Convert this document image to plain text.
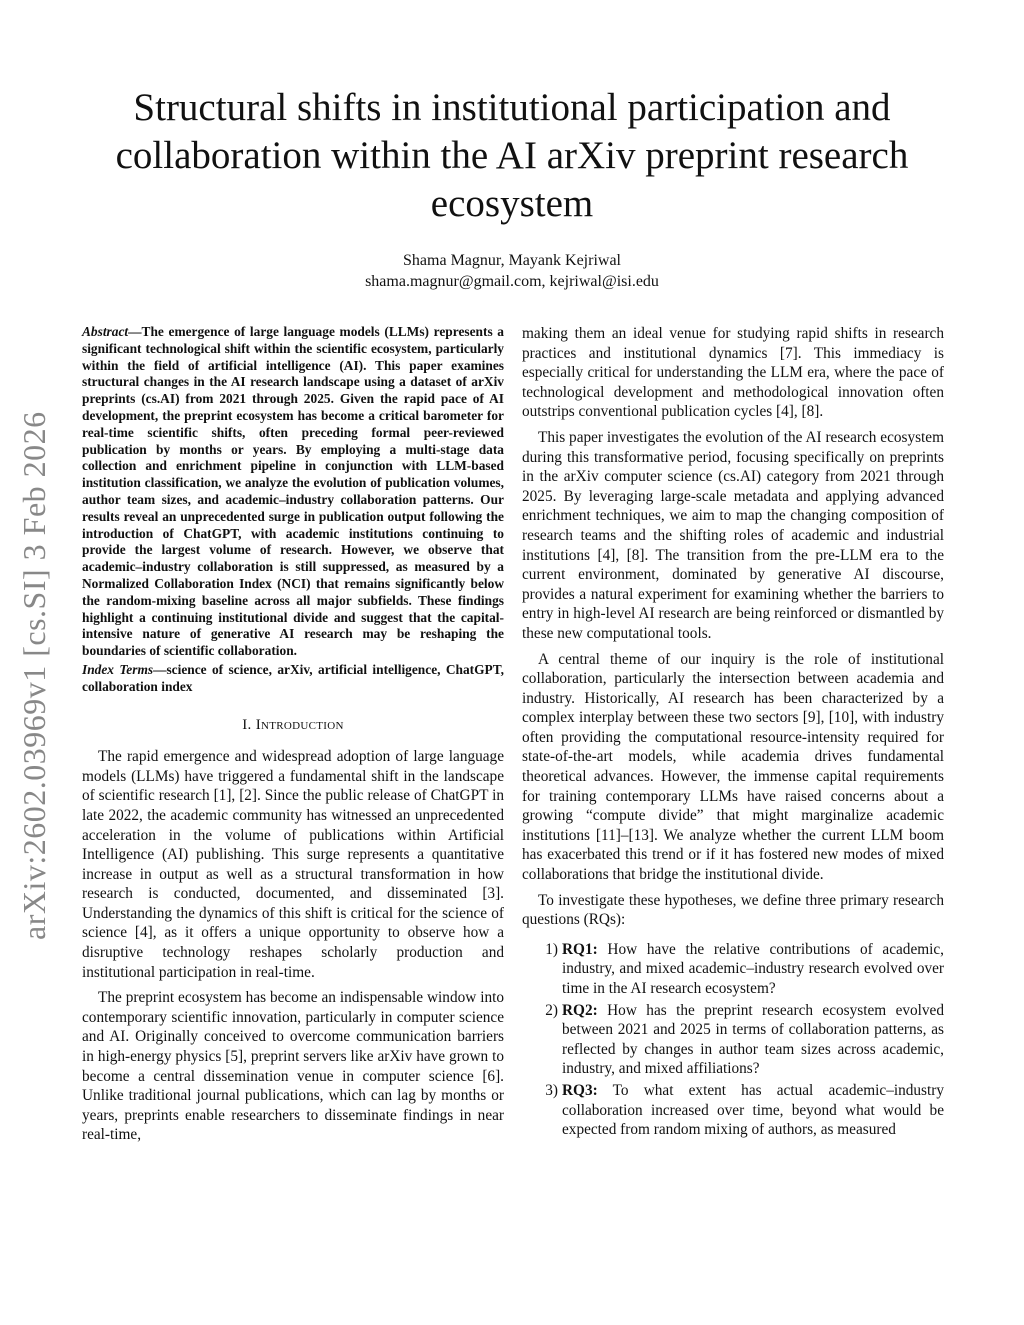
arXiv:2602.03969v1 [cs.SI] 3 Feb 2026
Structural shifts in institutional participation and collaboration within the AI arXiv preprint research ecosystem
Shama Magnur, Mayank Kejriwal
shama.magnur@gmail.com, kejriwal@isi.edu

Abstract—The emergence of large language models (LLMs) represents a significant technological shift within the scientific ecosystem, particularly within the field of artificial intelligence (AI). This paper examines structural changes in the AI research landscape using a dataset of arXiv preprints (cs.AI) from 2021 through 2025. Given the rapid pace of AI development, the preprint ecosystem has become a critical barometer for real-time scientific shifts, often preceding formal peer-reviewed publication by months or years. By employing a multi-stage data collection and enrichment pipeline in conjunction with LLM-based institution classification, we analyze the evolution of publication volumes, author team sizes, and academic–industry collaboration patterns. Our results reveal an unprecedented surge in publication output following the introduction of ChatGPT, with academic institutions continuing to provide the largest volume of research. However, we observe that academic–industry collaboration is still suppressed, as measured by a Normalized Collaboration Index (NCI) that remains significantly below the random-mixing baseline across all major subfields. These findings highlight a continuing institutional divide and suggest that the capital-intensive nature of generative AI research may be reshaping the boundaries of scientific collaboration.

Index Terms—science of science, arXiv, artificial intelligence, ChatGPT, collaboration index

I. Introduction

The rapid emergence and widespread adoption of large language models (LLMs) have triggered a fundamental shift in the landscape of scientific research [1], [2]. Since the public release of ChatGPT in late 2022, the academic community has witnessed an unprecedented acceleration in the volume of publications within Artificial Intelligence (AI) publishing. This surge represents a quantitative increase in output as well as a structural transformation in how research is conducted, documented, and disseminated [3]. Understanding the dynamics of this shift is critical for the science of science [4], as it offers a unique opportunity to observe how a disruptive technology reshapes scholarly production and institutional participation in real-time.

The preprint ecosystem has become an indispensable window into contemporary scientific innovation, particularly in computer science and AI. Originally conceived to overcome communication barriers in high-energy physics [5], preprint servers like arXiv have grown to become a central dissemination venue in computer science [6]. Unlike traditional journal publications, which can lag by months or years, preprints enable researchers to disseminate findings in near real-time,

making them an ideal venue for studying rapid shifts in research practices and institutional dynamics [7]. This immediacy is especially critical for understanding the LLM era, where the pace of technological development and methodological innovation often outstrips conventional publication cycles [4], [8].

This paper investigates the evolution of the AI research ecosystem during this transformative period, focusing specifically on preprints in the arXiv computer science (cs.AI) category from 2021 through 2025. By leveraging large-scale metadata and applying advanced enrichment techniques, we aim to map the changing composition of research teams and the shifting roles of academic and industrial institutions [4], [8]. The transition from the pre-LLM era to the current environment, dominated by generative AI discourse, provides a natural experiment for examining whether the barriers to entry in high-level AI research are being reinforced or dismantled by these new computational tools.

A central theme of our inquiry is the role of institutional collaboration, particularly the intersection between academia and industry. Historically, AI research has been characterized by a complex interplay between these two sectors [9], [10], with industry often providing the computational resource-intensity required for state-of-the-art models, while academia drives fundamental theoretical advances. However, the immense capital requirements for training contemporary LLMs have raised concerns about a growing “compute divide” that might marginalize academic institutions [11]–[13]. We analyze whether the current LLM boom has exacerbated this trend or if it has fostered new modes of mixed collaborations that bridge the institutional divide.

To investigate these hypotheses, we define three primary research questions (RQs):

1) RQ1: How have the relative contributions of academic, industry, and mixed academic–industry research evolved over time in the AI research ecosystem?
2) RQ2: How has the preprint research ecosystem evolved between 2021 and 2025 in terms of collaboration patterns, as reflected by changes in author team sizes across academic, industry, and mixed affiliations?
3) RQ3: To what extent has actual academic–industry collaboration increased over time, beyond what would be expected from random mixing of authors, as measured
